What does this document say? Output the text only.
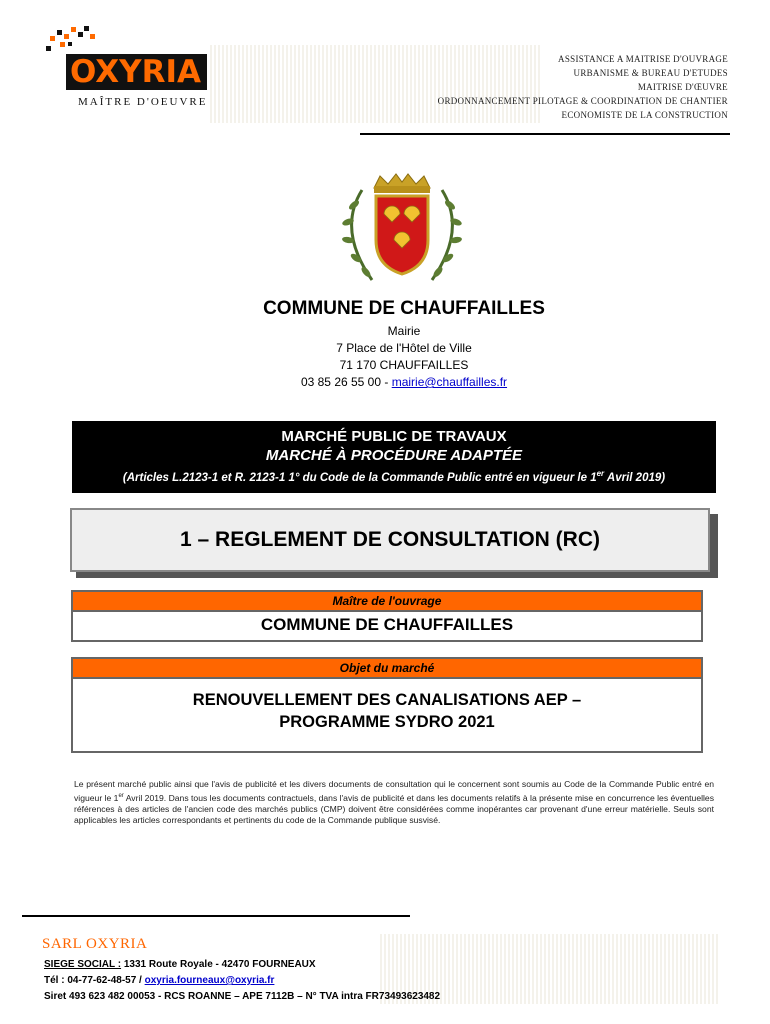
OXYRIA
MAÎTRE D'OEUVRE
ASSISTANCE A MAITRISE D'OUVRAGE
URBANISME & BUREAU D'ETUDES
MAITRISE D'ŒUVRE
ORDONNANCEMENT PILOTAGE & COORDINATION DE CHANTIER
ECONOMISTE DE LA CONSTRUCTION
COMMUNE DE CHAUFFAILLES
Mairie
7 Place de l'Hôtel de Ville
71 170 CHAUFFAILLES
03 85 26 55 00 - mairie@chauffailles.fr
MARCHÉ PUBLIC DE TRAVAUX
MARCHÉ À PROCÉDURE ADAPTÉE
(Articles L.2123-1 et R. 2123-1 1° du Code de la Commande Public entré en vigueur le 1er Avril 2019)
1 – REGLEMENT DE CONSULTATION (RC)
Maître de l'ouvrage
COMMUNE DE CHAUFFAILLES
Objet du marché
RENOUVELLEMENT DES CANALISATIONS AEP –
PROGRAMME SYDRO 2021
Le présent marché public ainsi que l'avis de publicité et les divers documents de consultation qui le concernent sont soumis au Code de la Commande Public entré en vigueur le 1er Avril 2019. Dans tous les documents contractuels, dans l'avis de publicité et dans les documents relatifs à la présente mise en concurrence les éventuelles références à des articles de l'ancien code des marchés publics (CMP) doivent être considérées comme inopérantes car provenant d'une erreur matérielle. Seuls sont applicables les articles correspondants et pertinents du code de la Commande publique susvisé.
SARL OXYRIA
SIEGE SOCIAL : 1331 Route Royale - 42470 FOURNEAUX
Tél : 04-77-62-48-57 / oxyria.fourneaux@oxyria.fr
Siret 493 623 482 00053 - RCS ROANNE – APE 7112B – N° TVA intra FR73493623482
